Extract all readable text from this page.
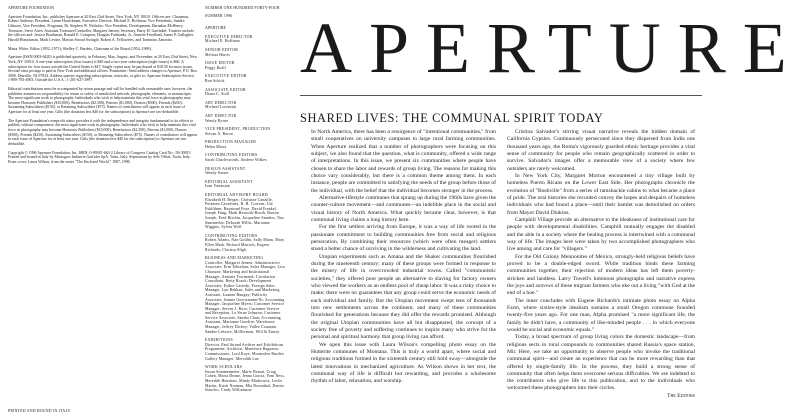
APERTURE FOUNDATION

Aperture Foundation, Inc., publishes Aperture at 20 East 23rd Street, New York, NY 10010. Officers are: Chairman, Robert Anthony; President, Lynne Honickman; Executive Director, Michael E. Hoffman; Vice Presidents, Sandra Gilmore, Vice President, Programs; Dr. Stephen W. Nicholas; Vice President, Development, Barnabas McHenry; Treasurer, Steve Aires; Assistant Treasurer/Controller, Margaret Jensen; Secretary, Barry H. Garfinkel. Trustees include the officers and: Jessica Brackman, Ronald E. Compton, Douglas Fairbanks, Jr., Annette Friedland, James P. Gallagher, Harold Honickman, Mark Levine, Marion Stroud Swingle, Robert A. Yellowlees, and Tommaso Zanzotto.

Minor White, Editor (1952–1971); Shelley C. Bardeis, Chairman of the Board (1954–1969).

Aperture (ISSN 0003-6420) is published quarterly, in February, May, August, and November, at 20 East 23rd Street, New York, NY 10010. A one-year subscription (four issues) is $40 and a two-year subscription (eight issues) is $66. A subscription for four issues outside the United States is $47. Single copies may be purchased at $18.50 for most issues. Second-class postage is paid at New York and additional offices. Postmaster: Send address changes to Aperture, P.O. Box 3000, Denville, NJ 07834. Address queries regarding subscriptions, renewals, or gifts to: Aperture Subscription Service, 1-800-783-4903. Outside the U.S.A.: 1-201-627-2997.

Editorial contributions must be accompanied by return postage and will be handled with reasonable care; however, the publisher assumes no responsibility for return or safety of unsolicited artwork, photographs, elements, or manuscripts. The most significant work to photography. Individuals who wish to help maintain this vital force in photography may become Honorary Publishers ($10,000), Benefactors ($2,500), Patrons ($1,000), Donors ($500), Friends ($250), Sustaining Subscribers ($150), or Retaining Subscribers ($75). Names of contributors will appear in each issue of Aperture for at least one year. Gifts (the donation less $40 for the subscription) to Aperture are tax-deductible.

The Aperture Foundation's nonprofit status provides it with the independence and integrity fundamental to its efforts to publish, without compromise, the most significant work in photography. Individuals who wish to help maintain this vital force in photography may become Honorary Publishers ($10,000), Benefactors ($2,500), Patrons ($1,000), Donors ($500), Friends ($250), Sustaining Subscribers ($150), or Retaining Subscribers ($75). Names of contributors will appear in each issue of Aperture for at least one year. Gifts (the donation less $40 for the subscription) to Aperture are tax-deductible.

Copyright © 1996 Aperture Foundation, Inc. ISBN: 0-89381-663-2 Library of Congress Catalog Card No.: 58-30813 Printed and bound in Italy by Mariogros Industrie Grafiche SpA, Turin, Italy. Separations by Sele Offset, Turin, Italy. Front cover: Laura Wilson, from the series "The Enclosed World," 1987–1996.

PRINTED AND BOUND IN ITALY
NUMBER ONE HUNDRED FORTY-FOUR
SUMMER 1996
APERTURE
EXECUTIVE DIRECTOR
Michael E. Hoffman
SENIOR EDITOR
Melissa Harris
ISSUE EDITOR
Peggy Roalf
EXECUTIVE EDITOR
Ron Schick
ASSOCIATE EDITOR
Diana C. Stoll
ART DIRECTOR
Michael Lorenzini
ART DIRECTOR
Wendy Byrne
VICE PRESIDENT, PRODUCTION
Stevan A. Baron
PRODUCTION MANAGER
Helen Marra
CONTRIBUTING EDITORS
Sarah Charlesworth, Andrew Wilkes
DESIGN ASSISTANT
Wendy Sasser
EDITORIAL ASSISTANT
Ivan Vartanian
EDITORIAL ADVISORY BOARD
Elizabeth H. Berger, Christine Canaille, Peramen Cavadines, R. H. Cravens, Ute Eskildsen, Raymond Foye, David Frankel, Joseph Fung, Mark Haworth-Booth, Burton Joseph, Fred Ritchin, Jacqueline Sanders, Tim Summerlin, Deborah Willis, Marianne Wiggins, Sylvia Wolf
CONTRIBUTING EDITORS
Robert Adams, Nan Goldin, Sally Mann, Mary Ellen Mark, Richard Misrach, Eugene Richards, Clarissa Sligh
BUSINESS AND MARKETING
Controller, Margaret Jensen; Administrative Associate, Erin Tohtelian; Sales Manager, Lisa Chiasson; Marketing and Institutional Manager, Antonia Townsend; Circulation Consultant, Betty Roach; Development Associate, Esther Casiedy; Foreign Sales Manager, Lyn Rebhan; Sales and Marketing Assistant, Luanne Bungay; Publicity Associate, Jeanne Goertzmann-Ni; Accounting Manager, Jacqueline Myers; Customer Service Manager, Steven J. Rose; Customer Service and Reception, La Verne Johnson; Customer Service Associate, Sandra Chan; Accounting Assistant, Marianne Goodrie; Warehouse Manager, Jeffrey Dickey; Vallee Countant Sandee Lebowe, McDermott, Will & Emery
EXHIBITIONS
Director, Paul Strand Archive and Exhibitions Programme; Archivist, Monteuve Ragueun; Commissioner, Lord Kaye; Monteoleu Burden Gallery Manager, Meredith Lue
WORK SCHOLARS
Susan Sommermeier, Marie Bernat, Craig Cohen, Maria Deane, Jenna Garcia, Yoni Ness, Meredith Henshaw, Mindy Markowitz, Leslie Martin, Kristi Norman, Mia Rosenthal, Denise Siaucho, Cindy Williamson
APERTURE
SHARED LIVES: THE COMMUNAL SPIRIT TODAY

In North America, there has been a resurgence of "intentional communities," from small cooperatives on university campuses to large rural farming communities. When Aperture realized that a number of photographers were focusing on this subject, we also found that the question, what is community, offered a wide range of interpretations. In this issue, we present six communities where people have chosen to share the labor and rewards of group living. The reasons for making this choice vary considerably, but there is a common theme among them. In each instance, people are committed to satisfying the needs of the group before those of the individual, with the belief that the individual becomes stronger in the process.

Alternative-lifestyle communes that sprang up during the 1960s have given the counter-culture movement—and communes—an indelible place in the social and visual history of North America. What quickly became clear, however, is that communal living claims a long history here.

For the first settlers arriving from Europe, it was a way of life rooted in the passionate commitment to building communities free from social and religious persecution. By combining their resources (which were often meager) settlers stood a better chance of surviving in the wilderness and cultivating the land.

Utopian experiments such as Amana and the Shaker communities flourished during the nineteenth century; many of these groups were formed in response to the misery of life in overcrowded industrial towns. Called "communistic societies," they offered poor people an alternative to slaving for factory owners who viewed the workers as an endless pool of cheap labor. It was a risky choice to make; there were no guarantees that any group could serve the economic needs of each individual and family. But the Utopian movement swept tens of thousands into new settlements across the continent, and many of these communities flourished for generations because they did offer the rewards promised. Although the original Utopian communities have all but disappeared, the concept of a society free of poverty and suffering continues to inspire many who strive for the personal and spiritual harmony that group living can afford.

We open this issue with Laura Wilson's compelling photo essay on the Hutterite communes of Montana. This is truly a world apart, where social and religious traditions formed in the sixteenth century still hold sway—alongside the latest innovations in mechanized agriculture. As Wilson shows in her text, the communal way of life is difficult but rewarding, and provides a wholesome rhythm of labor, relaxation, and worship.

Cristina Salvador's stirring visual narrative reveals the hidden domain of California Gypsies. Continuously persecuted since they dispersed from India one thousand years ago, the Roma's vigorously guarded ethnic heritage provides a vital sense of community for people who remain geographically scattered in order to survive. Salvador's images offer a memorable view of a society where few outsiders are rarely welcomed.

In New York City, Margaret Morton encountered a tiny village built by homeless Puerto Ricans on the Lower East Side. Her photographs chronicle the evolution of "Bushville" from a series of ramshackle cabins to what became a place of pride. The oral histories she recorded convey the hopes and despairs of homeless individuals who had found a place—until their hamlet was demolished on orders from Mayor David Dinkins.

Camphill Village provide an alternative to the bleakness of institutional care for people with developmental disabilities. Campbill mutually engages the disabled and the able in a society where the healing process is intertwined with a communal way of life. The images here were taken by two accomplished photographers who live among and care for "villagers."

For the Old Colony Mennonites of Mexico, strongly-held religious beliefs have proved to be a double-edged sword. While tradition binds these farming communities together, their rejection of modern ideas has left them poverty-stricken and landless. Larry Towell's luminous photographs and narrative express the joys and sorrows of these migrant farmers who eke out a living "with God at the end of a hoe."

The inner concludes with Eugene Richards's intimate photo essay on Alpha Farm, where sixties-style idealism sustains a small Oregon commune founded twenty-five years ago. For one man, Alpha promised "a more significant life, the family he didn't have, a community of like-minded people . . . in which everyone would be social and economic equals."

Today, a broad spectrum of group living colors the domestic landscape—from religious sects in rural compounds to communities shared Russia's space station, Mir. Here, we take an opportunity to observe people who invoke the traditional communal spirit—and create an experience that can be more rewarding than that offered by single-family life. In the process, they build a strong sense of community that often helps them overcome serious difficulties. We are indebted to the contributors who give life to this publication, and to the individuals who welcomed these photographers into their circles.

The Editors
